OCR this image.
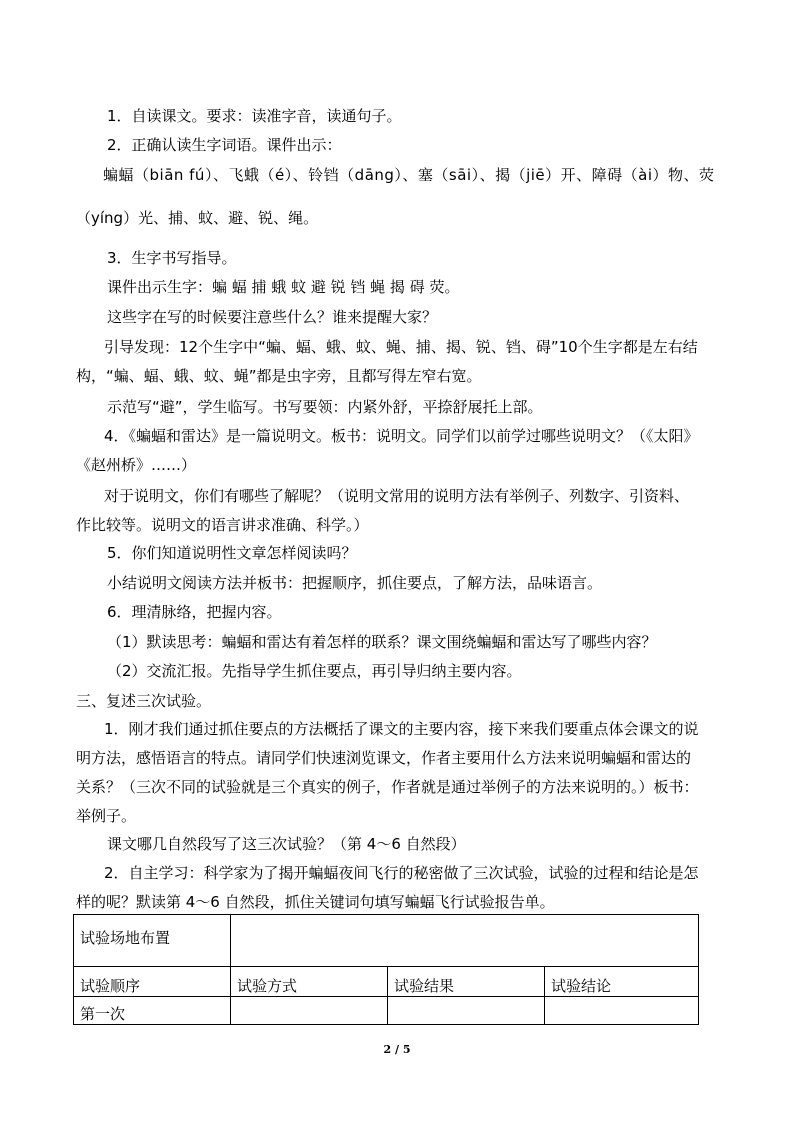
1．自读课文。要求：读准字音，读通句子。
2．正确认读生字词语。课件出示：
蝙蝠（biān fú）、飞蛾（é）、铃铛（dāng）、塞（sāi）、揭（jiē）开、障碍（ài）物、荧
（yíng）光、捕、蚊、避、锐、绳。
3．生字书写指导。
课件出示生字：蝙 蝠 捕 蛾 蚊 避 锐 铛 蝇 揭 碍 荧。
这些字在写的时候要注意些什么？谁来提醒大家？
引导发现：12个生字中“蝙、蝠、蛾、蚊、蝇、捕、揭、锐、铛、碍”10个生字都是左右结构，“蝙、蝠、蛾、蚊、蝇”都是虫字旁，且都写得左窄右宽。
示范写“避”，学生临写。书写要领：内紧外舒，平捺舒展托上部。
4．《蝙蝠和雷达》是一篇说明文。板书：说明文。同学们以前学过哪些说明文？（《太阳》《赵州桥》……）
对于说明文，你们有哪些了解呢？（说明文常用的说明方法有举例子、列数字、引资料、作比较等。说明文的语言讲求准确、科学。）
5．你们知道说明性文章怎样阅读吗？
小结说明文阅读方法并板书：把握顺序，抓住要点，了解方法，品味语言。
6．理清脉络，把握内容。
（1）默读思考：蝙蝠和雷达有着怎样的联系？课文围绕蝙蝠和雷达写了哪些内容？
（2）交流汇报。先指导学生抓住要点，再引导归纳主要内容。
三、复述三次试验。
1．刚才我们通过抓住要点的方法概括了课文的主要内容，接下来我们要重点体会课文的说明方法，感悟语言的特点。请同学们快速浏览课文，作者主要用什么方法来说明蝙蝠和雷达的关系？（三次不同的试验就是三个真实的例子，作者就是通过举例子的方法来说明的。）板书：举例子。
课文哪几自然段写了这三次试验？（第 4～6 自然段）
2．自主学习：科学家为了揭开蝙蝠夜间飞行的秘密做了三次试验，试验的过程和结论是怎样的呢？默读第 4～6 自然段，抓住关键词句填写蝙蝠飞行试验报告单。
试验场地布置			
试验顺序	试验方式	试验结果	试验结论
第一次			
2 / 5
